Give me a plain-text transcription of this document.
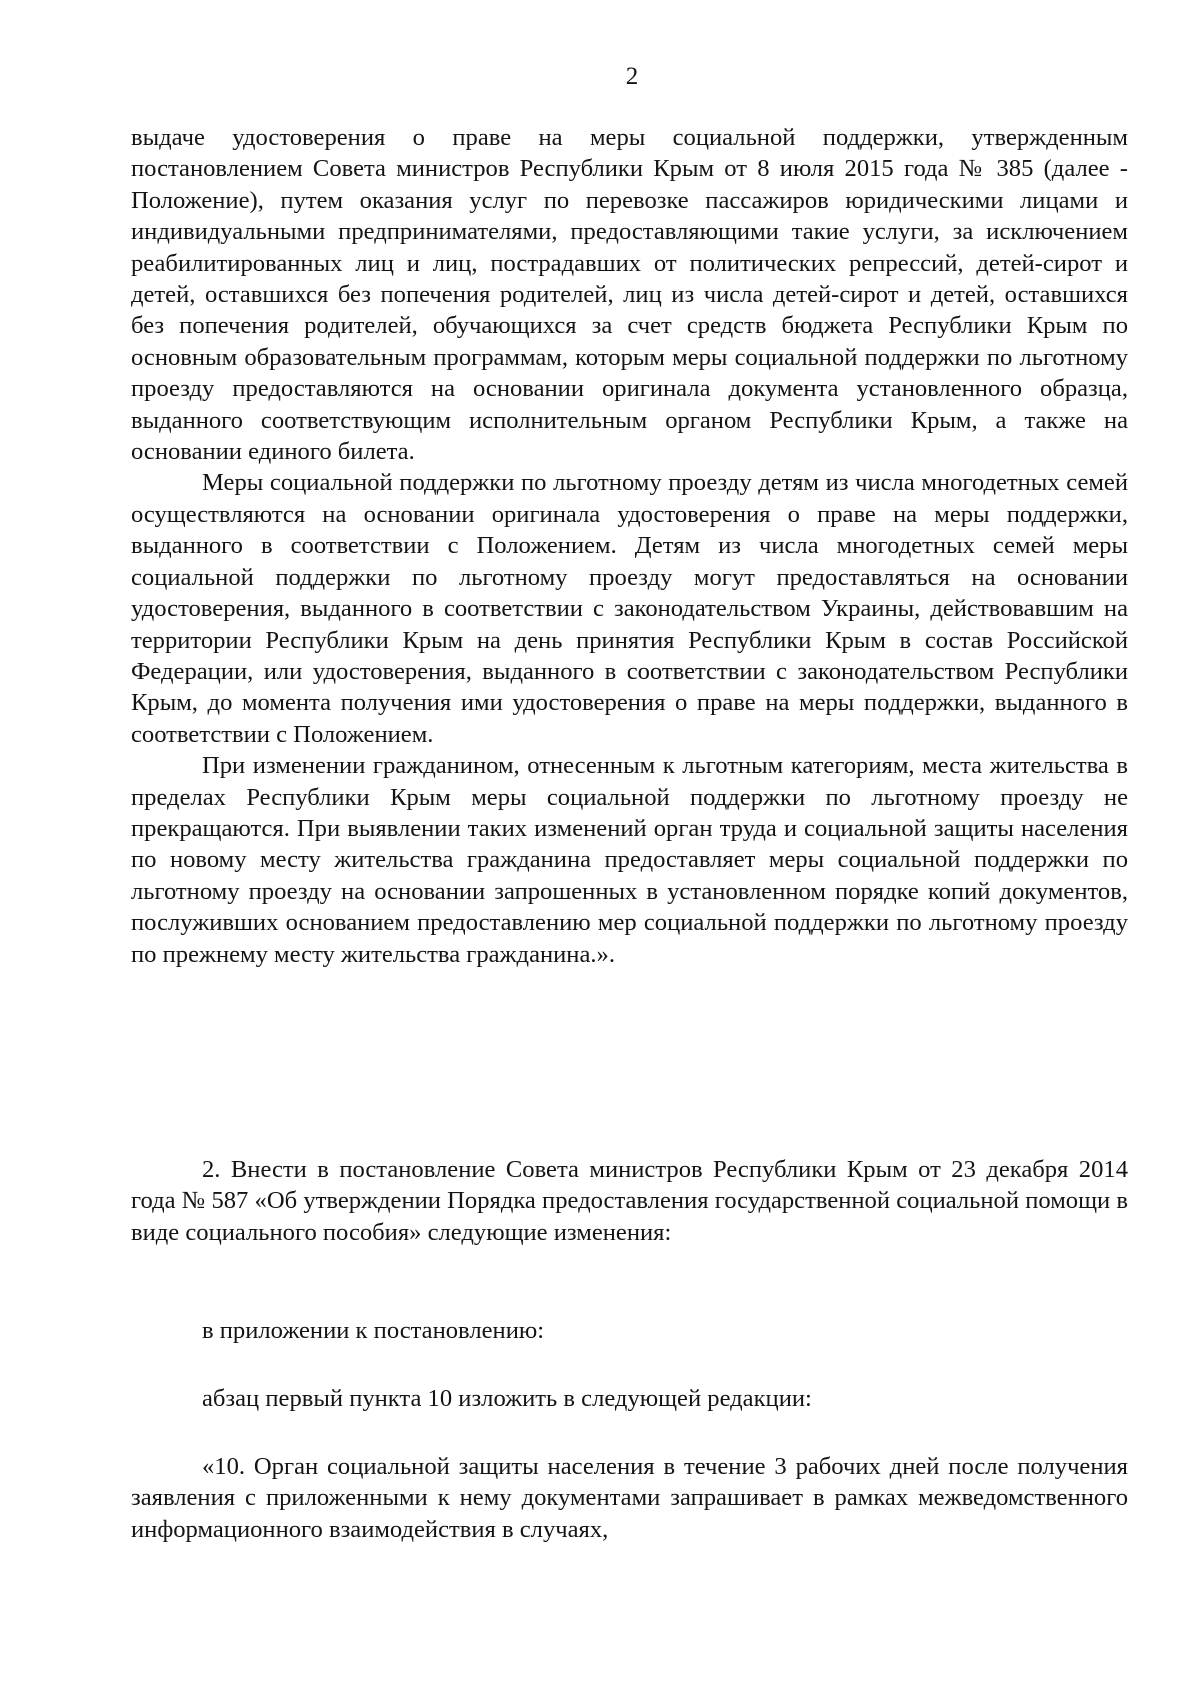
2

выдаче удостоверения о праве на меры социальной поддержки, утвержденным постановлением Совета министров Республики Крым от 8 июля 2015 года № 385 (далее - Положение), путем оказания услуг по перевозке пассажиров юридическими лицами и индивидуальными предпринимателями, предоставляющими такие услуги, за исключением реабилитированных лиц и лиц, пострадавших от политических репрессий, детей-сирот и детей, оставшихся без попечения родителей, лиц из числа детей-сирот и детей, оставшихся без попечения родителей, обучающихся за счет средств бюджета Республики Крым по основным образовательным программам, которым меры социальной поддержки по льготному проезду предоставляются на основании оригинала документа установленного образца, выданного соответствующим исполнительным органом Республики Крым, а также на основании единого билета.

Меры социальной поддержки по льготному проезду детям из числа многодетных семей осуществляются на основании оригинала удостоверения о праве на меры поддержки, выданного в соответствии с Положением. Детям из числа многодетных семей меры социальной поддержки по льготному проезду могут предоставляться на основании удостоверения, выданного в соответствии с законодательством Украины, действовавшим на территории Республики Крым на день принятия Республики Крым в состав Российской Федерации, или удостоверения, выданного в соответствии с законодательством Республики Крым, до момента получения ими удостоверения о праве на меры поддержки, выданного в соответствии с Положением.

При изменении гражданином, отнесенным к льготным категориям, места жительства в пределах Республики Крым меры социальной поддержки по льготному проезду не прекращаются. При выявлении таких изменений орган труда и социальной защиты населения по новому месту жительства гражданина предоставляет меры социальной поддержки по льготному проезду на основании запрошенных в установленном порядке копий документов, послуживших основанием предоставлению мер социальной поддержки по льготному проезду по прежнему месту жительства гражданина.».

2. Внести в постановление Совета министров Республики Крым от 23 декабря 2014 года № 587 «Об утверждении Порядка предоставления государственной социальной помощи в виде социального пособия» следующие изменения:

в приложении к постановлению:

абзац первый пункта 10 изложить в следующей редакции:

«10. Орган социальной защиты населения в течение 3 рабочих дней после получения заявления с приложенными к нему документами запрашивает в рамках межведомственного информационного взаимодействия в случаях,
